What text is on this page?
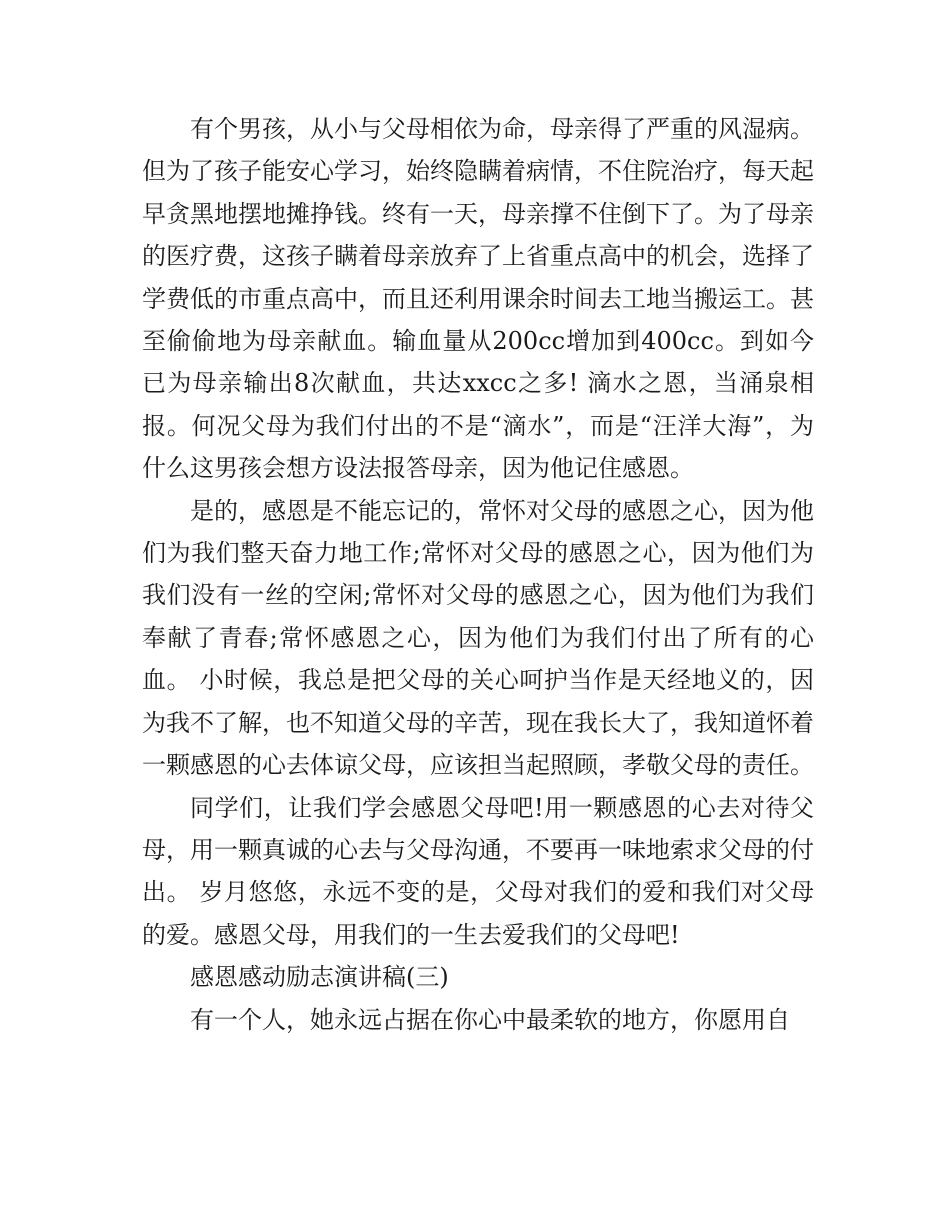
有个男孩，从小与父母相依为命，母亲得了严重的风湿病。但为了孩子能安心学习，始终隐瞒着病情，不住院治疗，每天起早贪黑地摆地摊挣钱。终有一天，母亲撑不住倒下了。为了母亲的医疗费，这孩子瞒着母亲放弃了上省重点高中的机会，选择了学费低的市重点高中，而且还利用课余时间去工地当搬运工。甚至偷偷地为母亲献血。输血量从200cc增加到400cc。到如今已为母亲输出8次献血，共达xxcc之多! 滴水之恩，当涌泉相报。何况父母为我们付出的不是“滴水”，而是“汪洋大海”，为什么这男孩会想方设法报答母亲，因为他记住感恩。

是的，感恩是不能忘记的，常怀对父母的感恩之心，因为他们为我们整天奋力地工作;常怀对父母的感恩之心，因为他们为我们没有一丝的空闲;常怀对父母的感恩之心，因为他们为我们奉献了青春;常怀感恩之心，因为他们为我们付出了所有的心血。 小时候，我总是把父母的关心呵护当作是天经地义的，因为我不了解，也不知道父母的辛苦，现在我长大了，我知道怀着一颗感恩的心去体谅父母，应该担当起照顾，孝敬父母的责任。

同学们，让我们学会感恩父母吧!用一颗感恩的心去对待父母，用一颗真诚的心去与父母沟通，不要再一味地索求父母的付出。 岁月悠悠，永远不变的是，父母对我们的爱和我们对父母的爱。感恩父母，用我们的一生去爱我们的父母吧!

感恩感动励志演讲稿(三)

有一个人，她永远占据在你心中最柔软的地方，你愿用自
